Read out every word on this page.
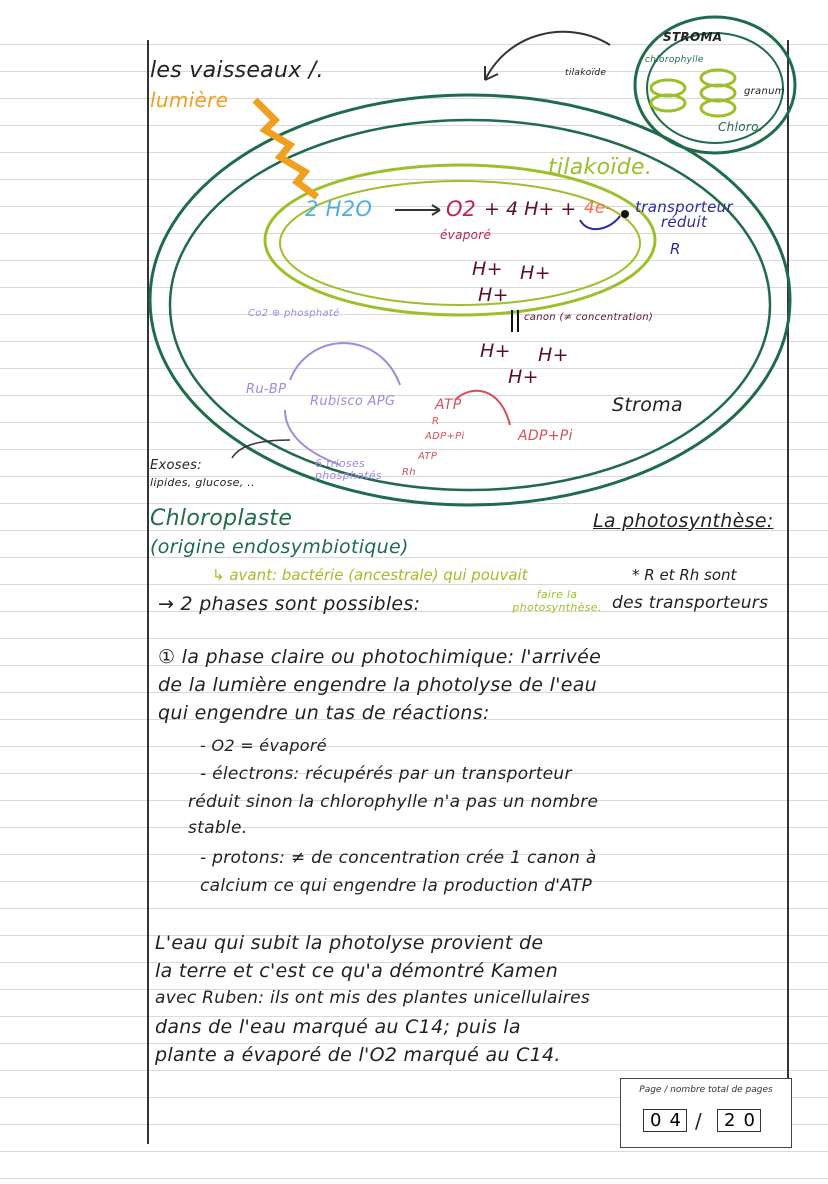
les vaisseaux /.
lumière
STROMA
chlorophylle
tilakoïde
granum
Chloro.
tilakoïde.
2 H2O	O2 + 4 H+ + 4e-
évaporé
transporteur réduit
R
H+ H+
H+
H+ H+
H+
canon (≠ concentration)
Stroma
Co2 ⊕ phosphaté
Ru-BP
Rubisco APG
6 trioses phosphatés
ATP
ADP+Pi
R
ADP+Pi
ATP
Rh
Exoses:
lipides, glucose, ..
Chloroplaste
(origine endosymbiotique)
La photosynthèse:
↳ avant: bactérie (ancestrale) qui pouvait	* R et Rh sont
→ 2 phases sont possibles:	faire la photosynthèse. des transporteurs
① la phase claire ou photochimique: l'arrivée
de la lumière engendre la photolyse de l'eau
qui engendre un tas de réactions:
- O2 = évaporé
- électrons: récupérés par un transporteur
réduit sinon la chlorophylle n'a pas un nombre
stable.
- protons: ≠ de concentration crée 1 canon à
calcium ce qui engendre la production d'ATP
L'eau qui subit la photolyse provient de
la terre et c'est ce qu'a démontré Kamen
avec Ruben: ils ont mis des plantes unicellulaires
dans de l'eau marqué au C14; puis la
plante a évaporé de l'O2 marqué au C14.
Page / nombre total de pages
04 /	20
